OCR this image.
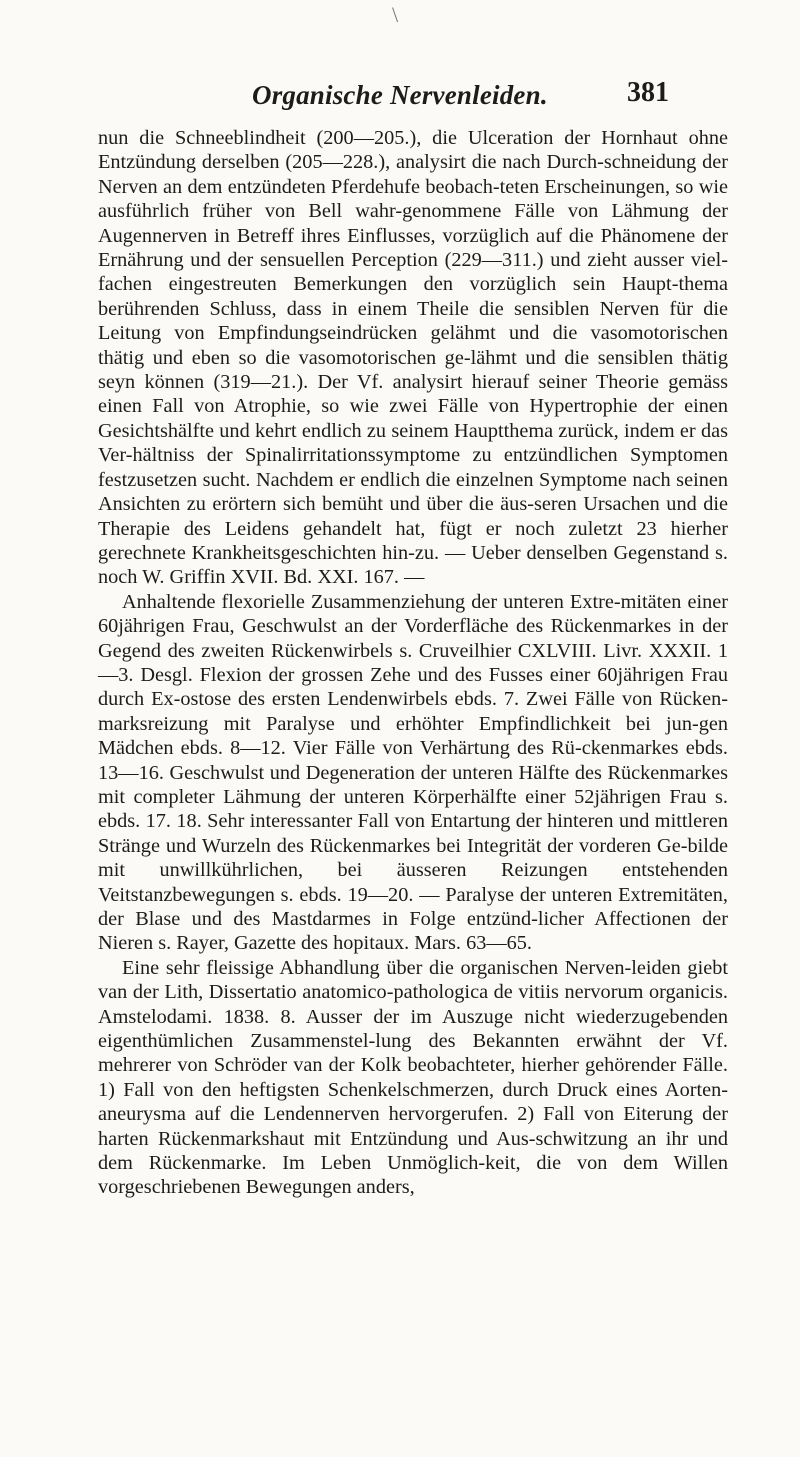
\
Organische Nervenleiden.	381

nun die Schneeblindheit (200—205.), die Ulceration der Hornhaut ohne Entzündung derselben (205—228.), analysirt die nach Durch-schneidung der Nerven an dem entzündeten Pferdehufe beobach-teten Erscheinungen, so wie ausführlich früher von Bell wahr-genommene Fälle von Lähmung der Augennerven in Betreff ihres Einflusses, vorzüglich auf die Phänomene der Ernährung und der sensuellen Perception (229—311.) und zieht ausser viel-fachen eingestreuten Bemerkungen den vorzüglich sein Haupt-thema berührenden Schluss, dass in einem Theile die sensiblen Nerven für die Leitung von Empfindungseindrücken gelähmt und die vasomotorischen thätig und eben so die vasomotorischen ge-lähmt und die sensiblen thätig seyn können (319—21.). Der Vf. analysirt hierauf seiner Theorie gemäss einen Fall von Atrophie, so wie zwei Fälle von Hypertrophie der einen Gesichtshälfte und kehrt endlich zu seinem Hauptthema zurück, indem er das Ver-hältniss der Spinalirritationssymptome zu entzündlichen Symptomen festzusetzen sucht. Nachdem er endlich die einzelnen Symptome nach seinen Ansichten zu erörtern sich bemüht und über die äus-seren Ursachen und die Therapie des Leidens gehandelt hat, fügt er noch zuletzt 23 hierher gerechnete Krankheitsgeschichten hin-zu. — Ueber denselben Gegenstand s. noch W. Griffin XVII. Bd. XXI. 167. —

Anhaltende flexorielle Zusammenziehung der unteren Extre-mitäten einer 60jährigen Frau, Geschwulst an der Vorderfläche des Rückenmarkes in der Gegend des zweiten Rückenwirbels s. Cruveilhier CXLVIII. Livr. XXXII. 1—3. Desgl. Flexion der grossen Zehe und des Fusses einer 60jährigen Frau durch Ex-ostose des ersten Lendenwirbels ebds. 7. Zwei Fälle von Rücken-marksreizung mit Paralyse und erhöhter Empfindlichkeit bei jun-gen Mädchen ebds. 8—12. Vier Fälle von Verhärtung des Rü-ckenmarkes ebds. 13—16. Geschwulst und Degeneration der unteren Hälfte des Rückenmarkes mit completer Lähmung der unteren Körperhälfte einer 52jährigen Frau s. ebds. 17. 18. Sehr interessanter Fall von Entartung der hinteren und mittleren Stränge und Wurzeln des Rückenmarkes bei Integrität der vorderen Ge-bilde mit unwillkührlichen, bei äusseren Reizungen entstehenden Veitstanzbewegungen s. ebds. 19—20. — Paralyse der unteren Extremitäten, der Blase und des Mastdarmes in Folge entzünd-licher Affectionen der Nieren s. Rayer, Gazette des hopitaux. Mars. 63—65.

Eine sehr fleissige Abhandlung über die organischen Nerven-leiden giebt van der Lith, Dissertatio anatomico-pathologica de vitiis nervorum organicis. Amstelodami. 1838. 8. Ausser der im Auszuge nicht wiederzugebenden eigenthümlichen Zusammenstel-lung des Bekannten erwähnt der Vf. mehrerer von Schröder van der Kolk beobachteter, hierher gehörender Fälle. 1) Fall von den heftigsten Schenkelschmerzen, durch Druck eines Aorten-aneurysma auf die Lendennerven hervorgerufen. 2) Fall von Eiterung der harten Rückenmarkshaut mit Entzündung und Aus-schwitzung an ihr und dem Rückenmarke. Im Leben Unmöglich-keit, die von dem Willen vorgeschriebenen Bewegungen anders,
